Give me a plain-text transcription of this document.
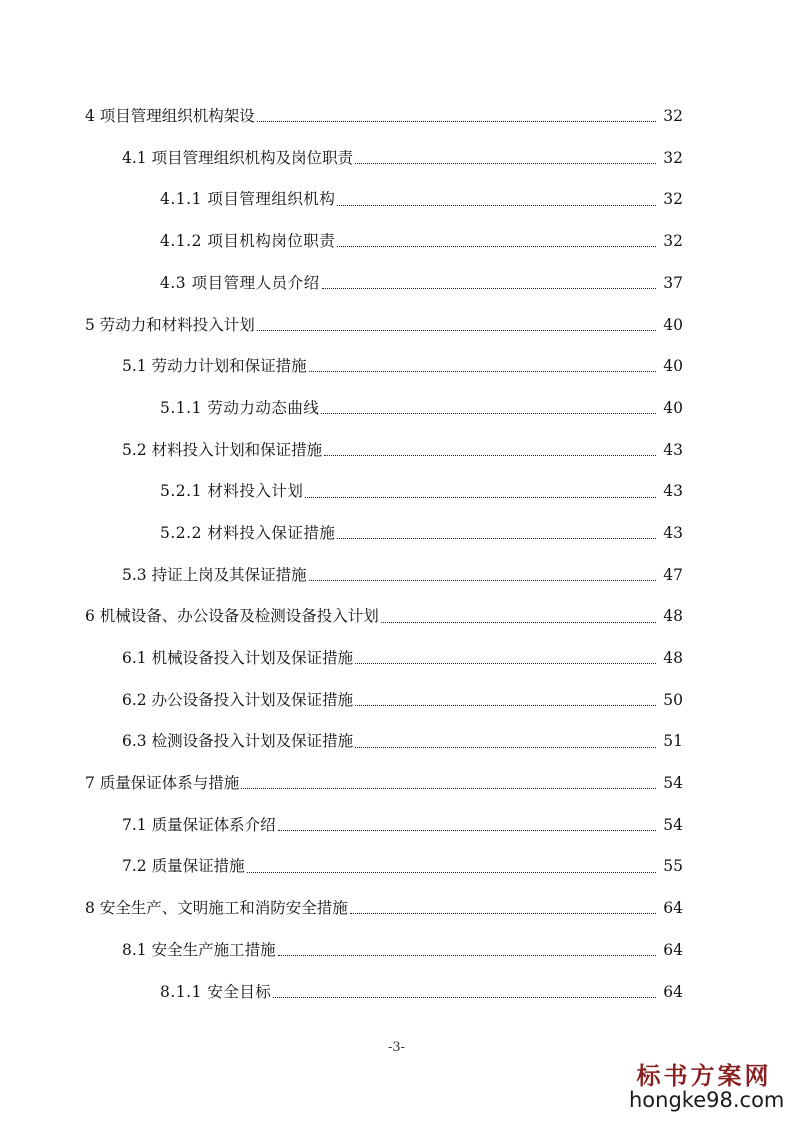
4 项目管理组织机构架设	32
4.1 项目管理组织机构及岗位职责	32
4.1.1 项目管理组织机构	32
4.1.2 项目机构岗位职责	32
4.3 项目管理人员介绍	37
5 劳动力和材料投入计划	40
5.1 劳动力计划和保证措施	40
5.1.1 劳动力动态曲线	40
5.2 材料投入计划和保证措施	43
5.2.1 材料投入计划	43
5.2.2 材料投入保证措施	43
5.3 持证上岗及其保证措施	47
6 机械设备、办公设备及检测设备投入计划	48
6.1 机械设备投入计划及保证措施	48
6.2 办公设备投入计划及保证措施	50
6.3 检测设备投入计划及保证措施	51
7 质量保证体系与措施	54
7.1 质量保证体系介绍	54
7.2 质量保证措施	55
8 安全生产、文明施工和消防安全措施	64
8.1 安全生产施工措施	64
8.1.1 安全目标	64
-3-
标书方案网
hongke98.com
